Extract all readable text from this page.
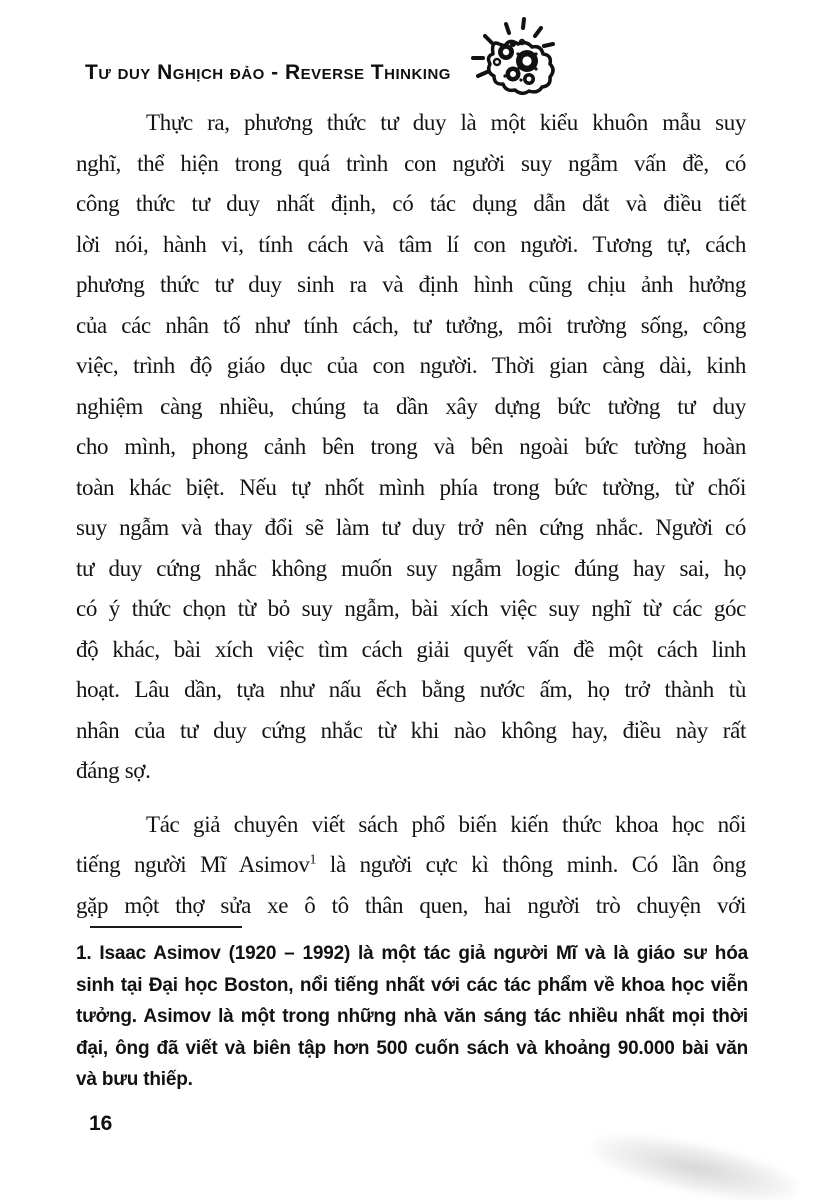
Tư duy Nghịch đảo - Reverse Thinking
Thực ra, phương thức tư duy là một kiểu khuôn mẫu suy
nghĩ, thể hiện trong quá trình con người suy ngẫm vấn đề, có
công thức tư duy nhất định, có tác dụng dẫn dắt và điều tiết
lời nói, hành vi, tính cách và tâm lí con người. Tương tự, cách
phương thức tư duy sinh ra và định hình cũng chịu ảnh hưởng
của các nhân tố như tính cách, tư tưởng, môi trường sống, công
việc, trình độ giáo dục của con người. Thời gian càng dài, kinh
nghiệm càng nhiều, chúng ta dần xây dựng bức tường tư duy
cho mình, phong cảnh bên trong và bên ngoài bức tường hoàn
toàn khác biệt. Nếu tự nhốt mình phía trong bức tường, từ chối
suy ngẫm và thay đổi sẽ làm tư duy trở nên cứng nhắc. Người có
tư duy cứng nhắc không muốn suy ngẫm logic đúng hay sai, họ
có ý thức chọn từ bỏ suy ngẫm, bài xích việc suy nghĩ từ các góc
độ khác, bài xích việc tìm cách giải quyết vấn đề một cách linh
hoạt. Lâu dần, tựa như nấu ếch bằng nước ấm, họ trở thành tù
nhân của tư duy cứng nhắc từ khi nào không hay, điều này rất
đáng sợ.
Tác giả chuyên viết sách phổ biến kiến thức khoa học nổi
tiếng người Mĩ Asimov$^1$ là người cực kì thông minh. Có lần ông
gặp một thợ sửa xe ô tô thân quen, hai người trò chuyện với
1. Isaac Asimov (1920 – 1992) là một tác giả người Mĩ và là giáo sư hóa
sinh tại Đại học Boston, nổi tiếng nhất với các tác phẩm về khoa học viễn
tưởng. Asimov là một trong những nhà văn sáng tác nhiều nhất mọi thời
đại, ông đã viết và biên tập hơn 500 cuốn sách và khoảng 90.000 bài văn
và bưu thiếp.
16
